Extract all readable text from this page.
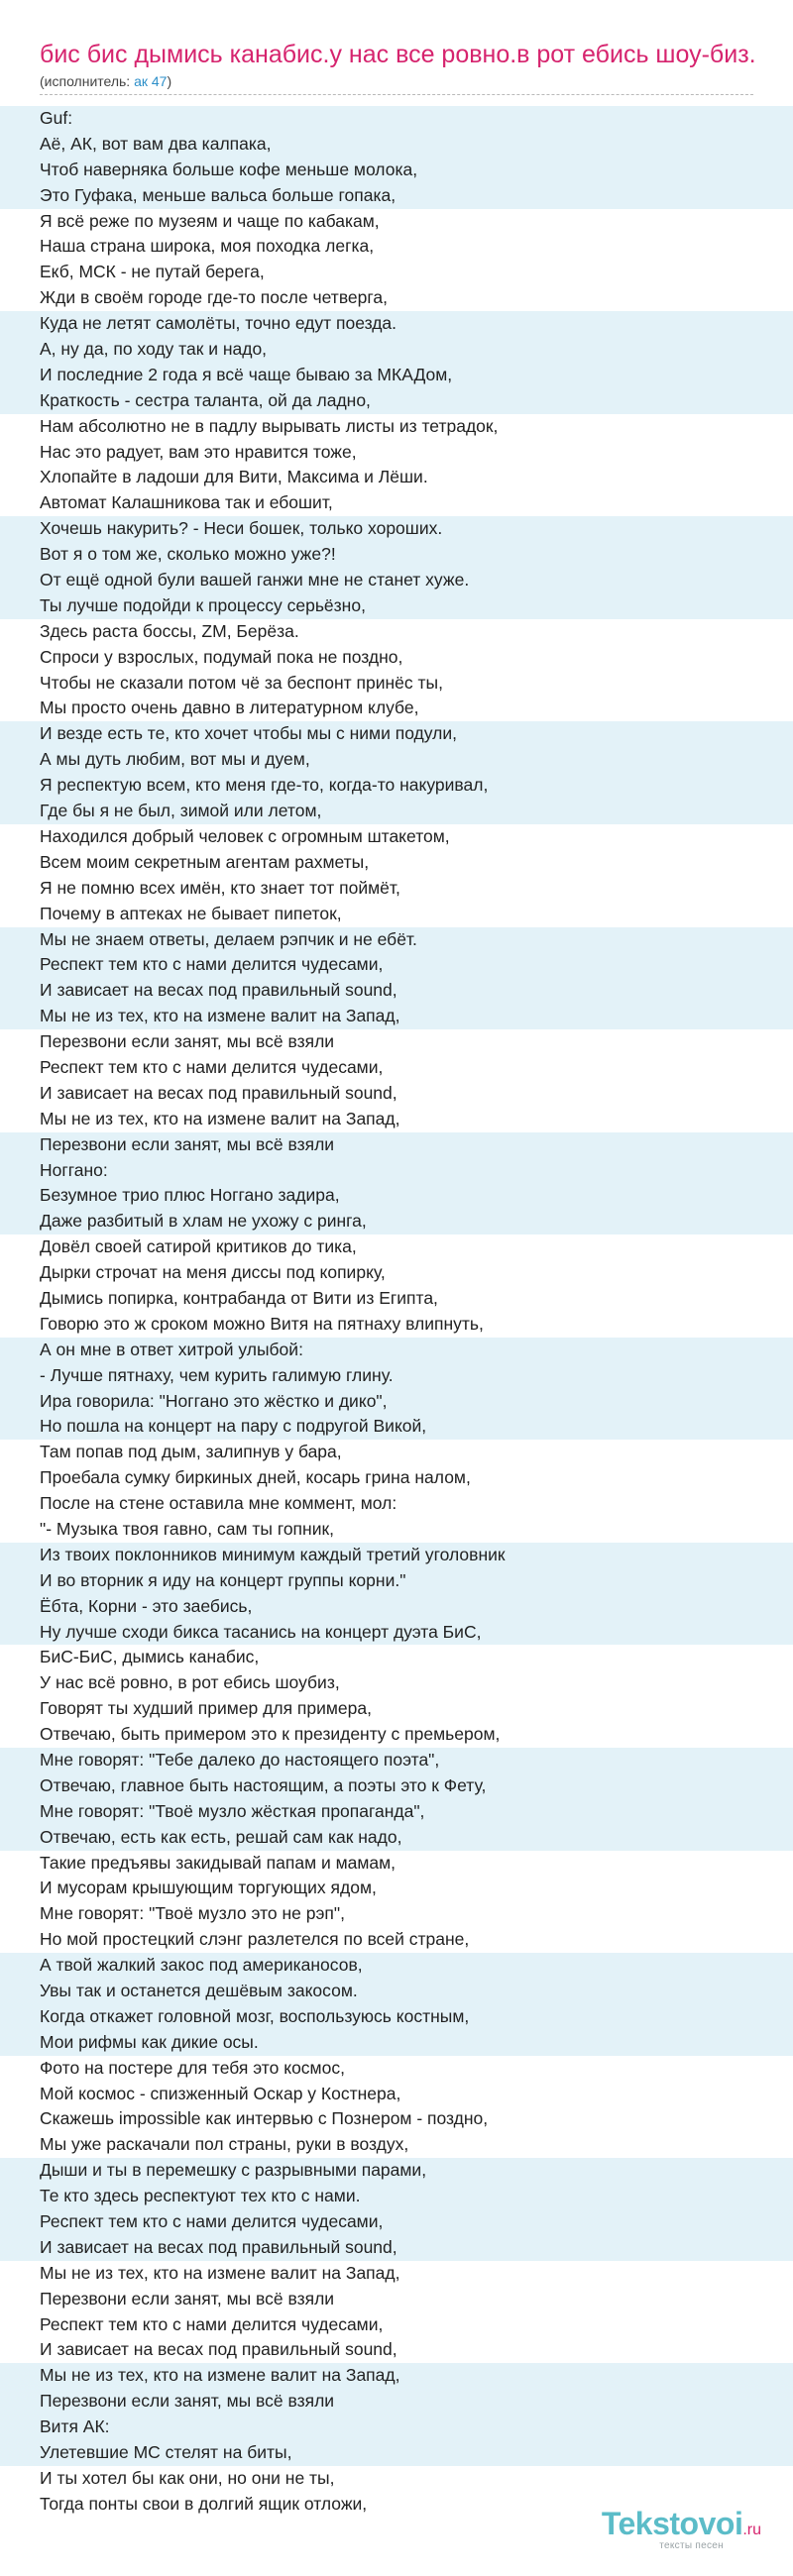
бис бис дымись канабис.у нас все ровно.в рот ебись шоу-биз.
(исполнитель: ак 47)
Guf:
Аё, АК, вот вам два калпака,
Чтоб наверняка больше кофе меньше молока,
Это Гуфака, меньше вальса больше гопака,
Я всё реже по музеям и чаще по кабакам,
Наша страна широка, моя походка легка,
Екб, МСК - не путай берега,
Жди в своём городе где-то после четверга,
Куда не летят самолёты, точно едут поезда.
А, ну да, по ходу так и надо,
И последние 2 года я всё чаще бываю за МКАДом,
Краткость - сестра таланта, ой да ладно,
Нам абсолютно не в падлу вырывать листы из тетрадок,
Нас это радует, вам это нравится тоже,
Хлопайте в ладоши для Вити, Максима и Лёши.
Автомат Калашникова так и ебошит,
Хочешь накурить? - Неси бошек, только хороших.
Вот я о том же, сколько можно уже?!
От ещё одной були вашей ганжи мне не станет хуже.
Ты лучше подойди к процессу серьёзно,
Здесь раста боссы, ZM, Берёза.
Спроси у взрослых, подумай пока не поздно,
Чтобы не сказали потом чё за беспонт принёс ты,
Мы просто очень давно в литературном клубе,
И везде есть те, кто хочет чтобы мы с ними подули,
А мы дуть любим, вот мы и дуем,
Я респектую всем, кто меня где-то, когда-то накуривал,
Где бы я не был, зимой или летом,
Находился добрый человек с огромным штакетом,
Всем моим секретным агентам рахметы,
Я не помню всех имён, кто знает тот поймёт,
Почему в аптеках не бывает пипеток,
Мы не знаем ответы, делаем рэпчик и не ебёт.
Респект тем кто с нами делится чудесами,
И зависает на весах под правильный sound,
Мы не из тех, кто на измене валит на Запад,
Перезвони если занят, мы всё взяли
Респект тем кто с нами делится чудесами,
И зависает на весах под правильный sound,
Мы не из тех, кто на измене валит на Запад,
Перезвони если занят, мы всё взяли
Ноггано:
Безумное трио плюс Ноггано задира,
Даже разбитый в хлам не ухожу с ринга,
Довёл своей сатирой критиков до тика,
Дырки строчат на меня диссы под копирку,
Дымись попирка, контрабанда от Вити из Египта,
Говорю это ж сроком можно Витя на пятнаху влипнуть,
А он мне в ответ хитрой улыбой:
- Лучше пятнаху, чем курить галимую глину.
Ира говорила: "Ноггано это жёстко и дико",
Но пошла на концерт на пару с подругой Викой,
Там попав под дым, залипнув у бара,
Проебала сумку биркиных дней, косарь грина налом,
После на стене оставила мне коммент, мол:
"- Музыка твоя гавно, сам ты гопник,
Из твоих поклонников минимум каждый третий уголовник
И во вторник я иду на концерт группы корни."
Ёбта, Корни - это заебись,
Ну лучше сходи бикса тасанись на концерт дуэта БиС,
БиС-БиС, дымись канабис,
У нас всё ровно, в рот ебись шоубиз,
Говорят ты худший пример для примера,
Отвечаю, быть примером это к президенту с премьером,
Мне говорят: "Тебе далеко до настоящего поэта",
Отвечаю, главное быть настоящим, а поэты это к Фету,
Мне говорят: "Твоё музло жёсткая пропаганда",
Отвечаю, есть как есть, решай сам как надо,
Такие предъявы закидывай папам и мамам,
И мусорам крышующим торгующих ядом,
Мне говорят: "Твоё музло это не рэп",
Но мой простецкий слэнг разлетелся по всей стране,
А твой жалкий закос под американосов,
Увы так и останется дешёвым закосом.
Когда откажет головной мозг, воспользуюсь костным,
Мои рифмы как дикие осы.
Фото на постере для тебя это космос,
Мой космос - спизженный Оскар у Костнера,
Скажешь impossible как интервью с Познером - поздно,
Мы уже раскачали пол страны, руки в воздух,
Дыши и ты в перемешку с разрывными парами,
Те кто здесь респектуют тех кто с нами.
Респект тем кто с нами делится чудесами,
И зависает на весах под правильный sound,
Мы не из тех, кто на измене валит на Запад,
Перезвони если занят, мы всё взяли
Респект тем кто с нами делится чудесами,
И зависает на весах под правильный sound,
Мы не из тех, кто на измене валит на Запад,
Перезвони если занят, мы всё взяли
Витя АК:
Улетевшие МС стелят на биты,
И ты хотел бы как они, но они не ты,
Тогда понты свои в долгий ящик отложи,
Tekstovoi.ru
тексты песен
